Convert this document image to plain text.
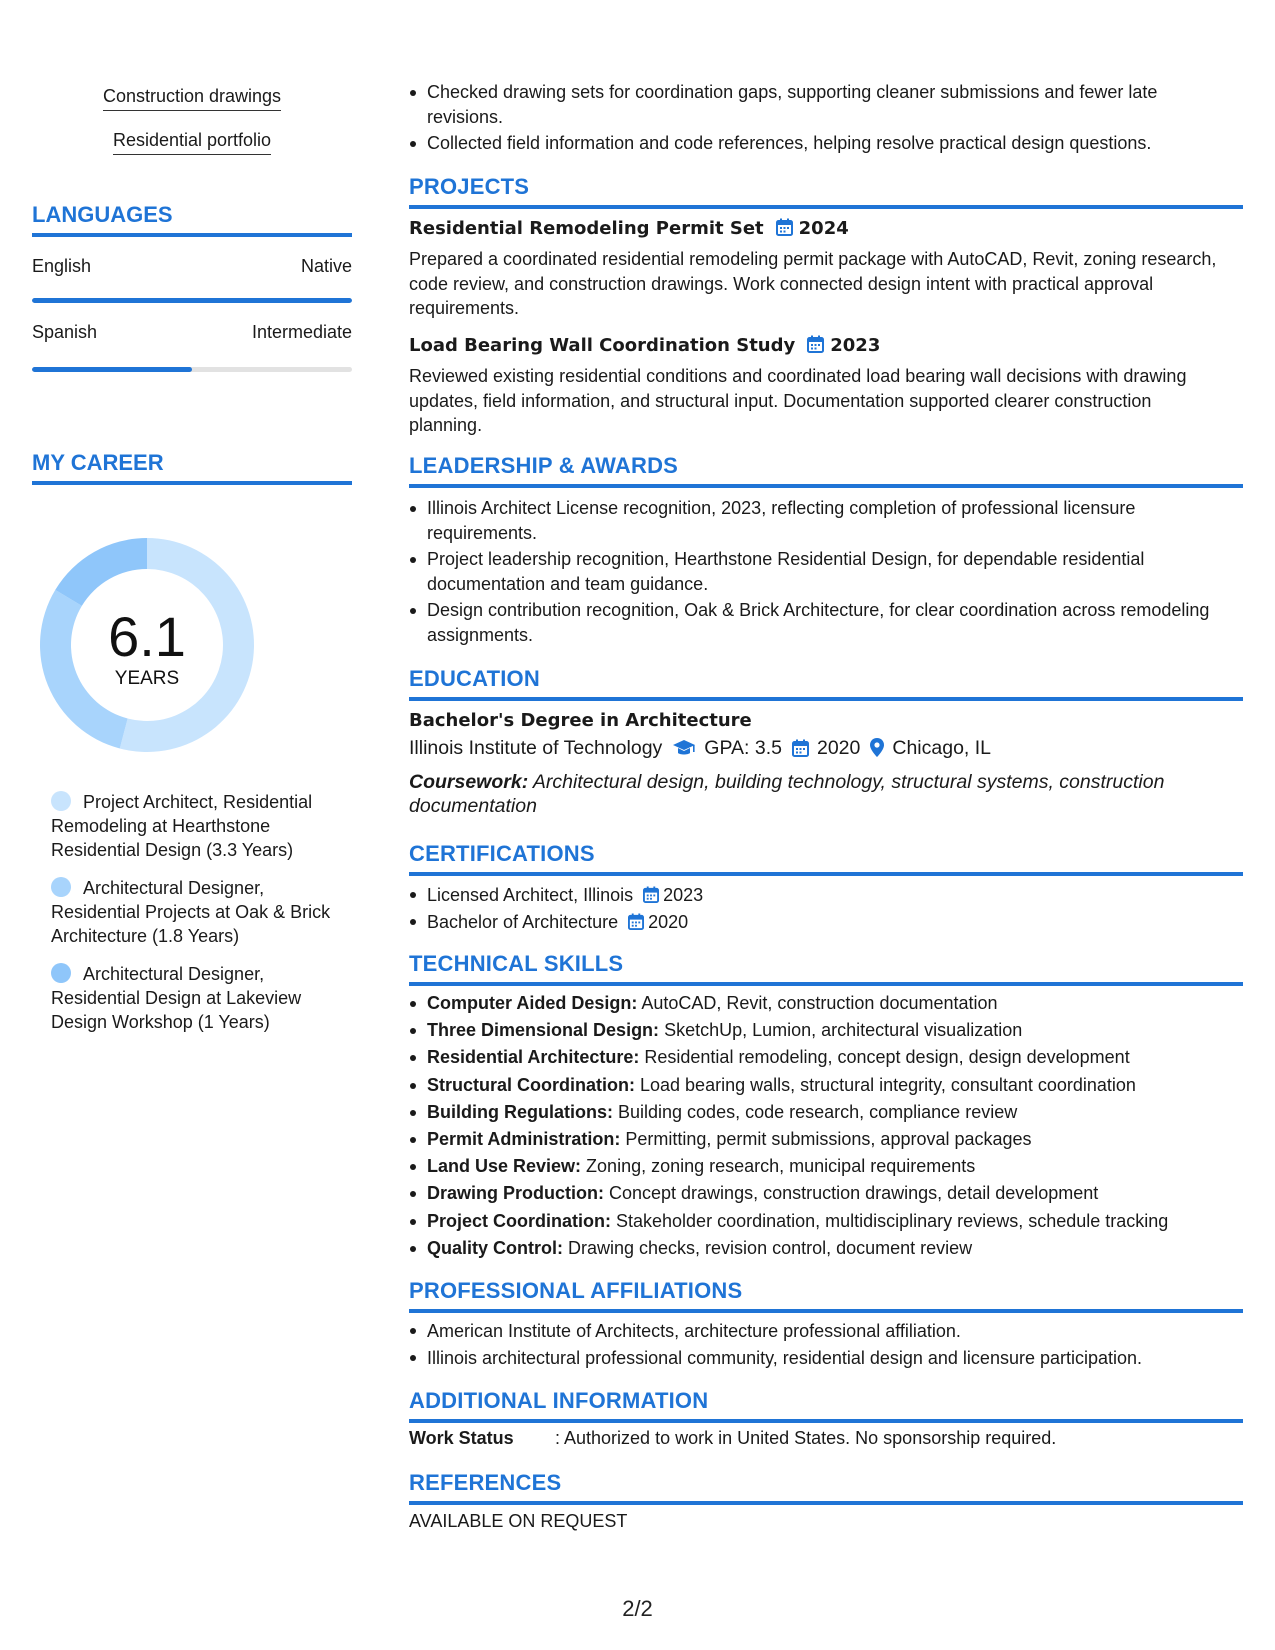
Construction drawings
Residential portfolio
LANGUAGES
English	Native
Spanish	Intermediate
MY CAREER
6.1
YEARS
Project Architect, Residential Remodeling at Hearthstone Residential Design (3.3 Years)
Architectural Designer, Residential Projects at Oak & Brick Architecture (1.8 Years)
Architectural Designer, Residential Design at Lakeview Design Workshop (1 Years)
Checked drawing sets for coordination gaps, supporting cleaner submissions and fewer late revisions.
Collected field information and code references, helping resolve practical design questions.
PROJECTS
Residential Remodeling Permit Set 2024
Prepared a coordinated residential remodeling permit package with AutoCAD, Revit, zoning research, code review, and construction drawings. Work connected design intent with practical approval requirements.
Load Bearing Wall Coordination Study 2023
Reviewed existing residential conditions and coordinated load bearing wall decisions with drawing updates, field information, and structural input. Documentation supported clearer construction planning.
LEADERSHIP & AWARDS
Illinois Architect License recognition, 2023, reflecting completion of professional licensure requirements.
Project leadership recognition, Hearthstone Residential Design, for dependable residential documentation and team guidance.
Design contribution recognition, Oak & Brick Architecture, for clear coordination across remodeling assignments.
EDUCATION
Bachelor's Degree in Architecture
Illinois Institute of Technology GPA: 3.5 2020 Chicago, IL
Coursework: Architectural design, building technology, structural systems, construction documentation
CERTIFICATIONS
Licensed Architect, Illinois 2023
Bachelor of Architecture 2020
TECHNICAL SKILLS
Computer Aided Design: AutoCAD, Revit, construction documentation
Three Dimensional Design: SketchUp, Lumion, architectural visualization
Residential Architecture: Residential remodeling, concept design, design development
Structural Coordination: Load bearing walls, structural integrity, consultant coordination
Building Regulations: Building codes, code research, compliance review
Permit Administration: Permitting, permit submissions, approval packages
Land Use Review: Zoning, zoning research, municipal requirements
Drawing Production: Concept drawings, construction drawings, detail development
Project Coordination: Stakeholder coordination, multidisciplinary reviews, schedule tracking
Quality Control: Drawing checks, revision control, document review
PROFESSIONAL AFFILIATIONS
American Institute of Architects, architecture professional affiliation.
Illinois architectural professional community, residential design and licensure participation.
ADDITIONAL INFORMATION
Work Status : Authorized to work in United States. No sponsorship required.
REFERENCES
AVAILABLE ON REQUEST
2/2
